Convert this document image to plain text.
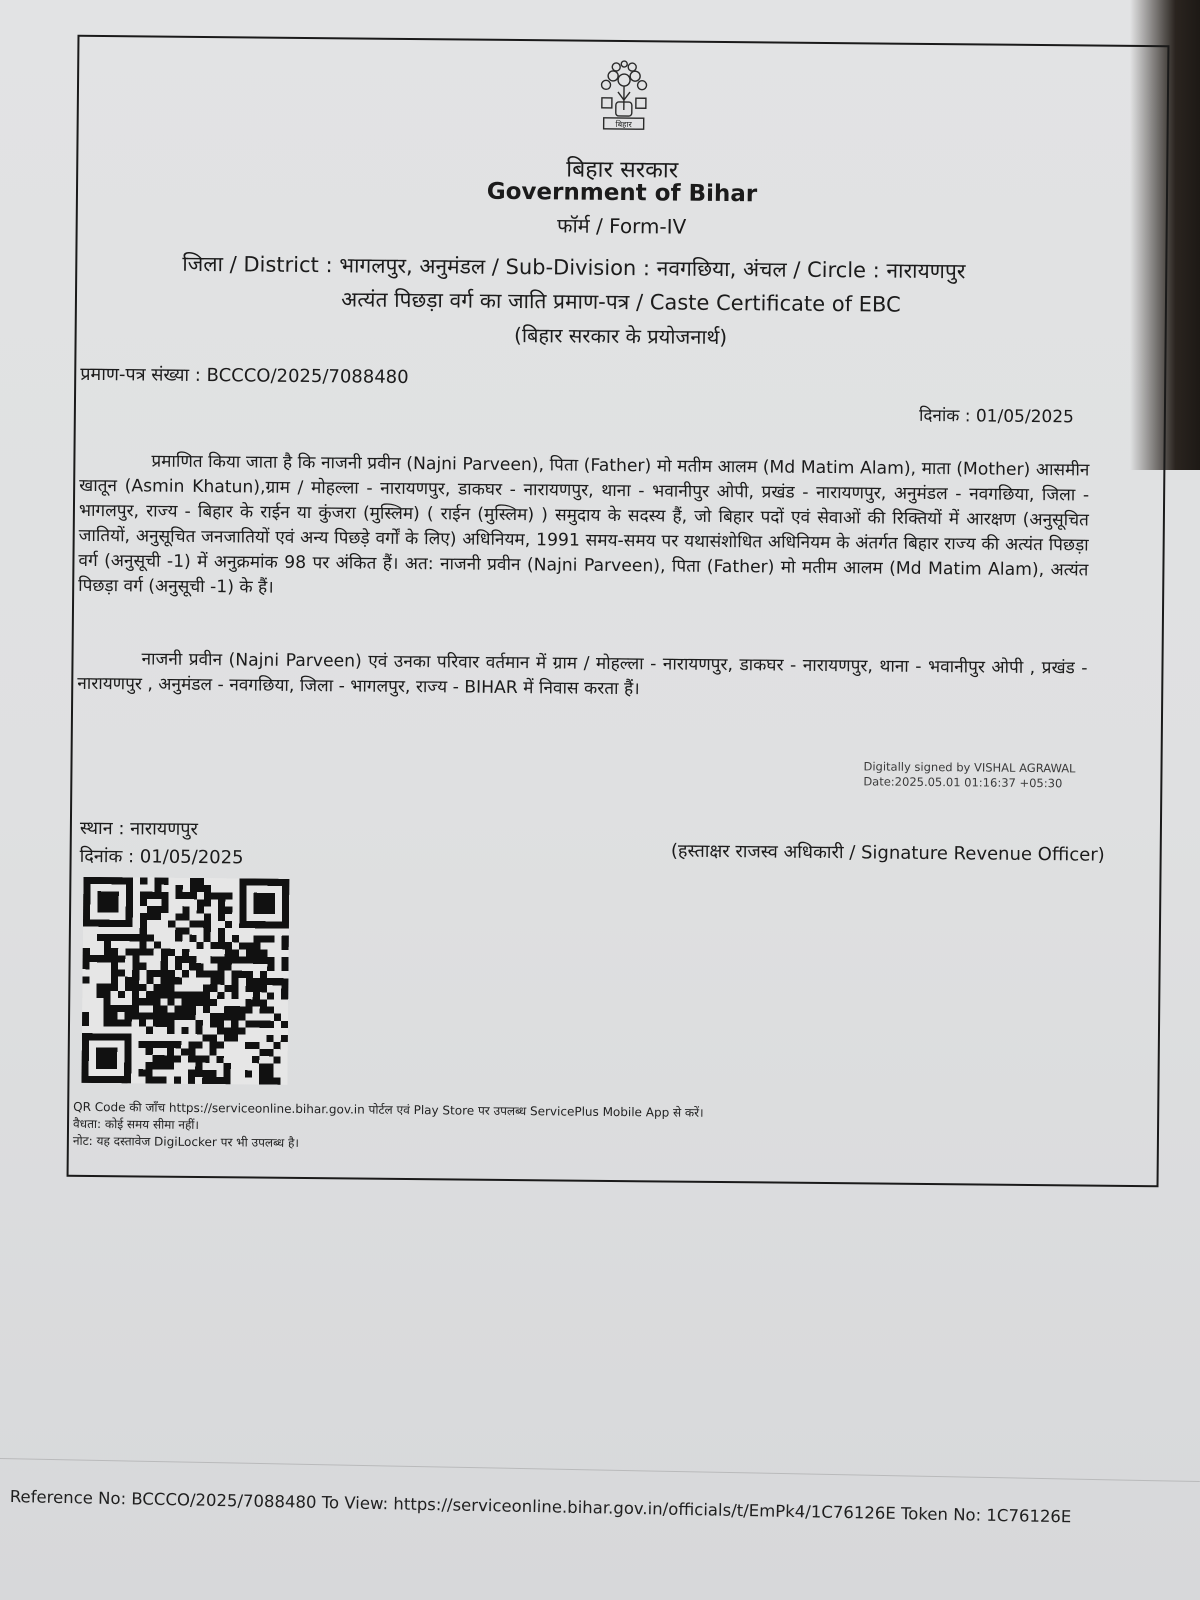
बिहार
बिहार सरकार
Government of Bihar
फॉर्म / Form-IV
जिला / District : भागलपुर, अनुमंडल / Sub-Division : नवगछिया, अंचल / Circle : नारायणपुर
अत्यंत पिछड़ा वर्ग का जाति प्रमाण-पत्र / Caste Certificate of EBC
(बिहार सरकार के प्रयोजनार्थ)
प्रमाण-पत्र संख्या : BCCCO/2025/7088480
दिनांक : 01/05/2025
प्रमाणित किया जाता है कि नाजनी प्रवीन (Najni Parveen), पिता (Father) मो मतीम आलम (Md Matim Alam), माता (Mother) आसमीन खातून (Asmin Khatun),ग्राम / मोहल्ला - नारायणपुर, डाकघर - नारायणपुर, थाना - भवानीपुर ओपी, प्रखंड - नारायणपुर, अनुमंडल - नवगछिया, जिला - भागलपुर, राज्य - बिहार के राईन या कुंजरा (मुस्लिम) ( राईन (मुस्लिम) ) समुदाय के सदस्य हैं, जो बिहार पदों एवं सेवाओं की रिक्तियों में आरक्षण (अनुसूचित जातियों, अनुसूचित जनजातियों एवं अन्य पिछड़े वर्गों के लिए) अधिनियम, 1991 समय-समय पर यथासंशोधित अधिनियम के अंतर्गत बिहार राज्य की अत्यंत पिछड़ा वर्ग (अनुसूची -1) में अनुक्रमांक 98 पर अंकित हैं। अत: नाजनी प्रवीन (Najni Parveen), पिता (Father) मो मतीम आलम (Md Matim Alam), अत्यंत पिछड़ा वर्ग (अनुसूची -1) के हैं।
नाजनी प्रवीन (Najni Parveen) एवं उनका परिवार वर्तमान में ग्राम / मोहल्ला - नारायणपुर, डाकघर - नारायणपुर, थाना - भवानीपुर ओपी , प्रखंड - नारायणपुर , अनुमंडल - नवगछिया, जिला - भागलपुर, राज्य - BIHAR में निवास करता हैं।
Digitally signed by VISHAL AGRAWAL
Date:2025.05.01 01:16:37 +05:30
स्थान : नारायणपुर
दिनांक : 01/05/2025	(हस्ताक्षर राजस्व अधिकारी / Signature Revenue Officer)
QR Code की जाँच https://serviceonline.bihar.gov.in पोर्टल एवं Play Store पर उपलब्ध ServicePlus Mobile App से करें।
वैधता: कोई समय सीमा नहीं।
नोट: यह दस्तावेज DigiLocker पर भी उपलब्ध है।
Reference No: BCCCO/2025/7088480 To View: https://serviceonline.bihar.gov.in/officials/t/EmPk4/1C76126E Token No: 1C76126E
